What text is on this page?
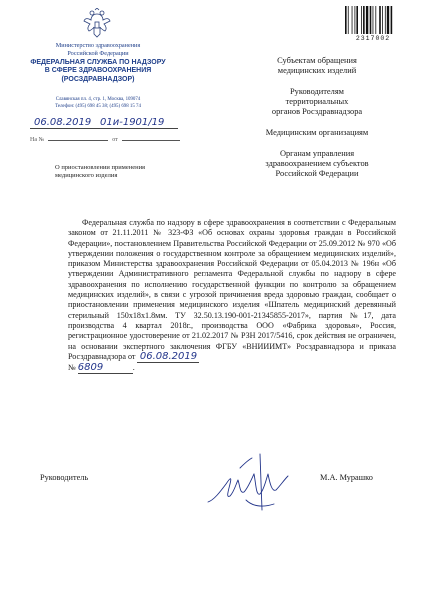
Министерство здравоохранения
Российской Федерации
ФЕДЕРАЛЬНАЯ СЛУЖБА ПО НАДЗОРУ
В СФЕРЕ ЗДРАВООХРАНЕНИЯ
(РОСЗДРАВНАДЗОР)
Славянская пл. 4, стр. 1, Москва, 109074
Телефон: (495) 698 45 38; (495) 698 15 74
06.08.2019 01и-1901/19
На №	от
О приостановлении применения
медицинского изделия
2317002
Субъектам обращения
медицинских изделий
Руководителям
территориальных
органов Росздравнадзора
Медицинским организациям
Органам управления
здравоохранением субъектов
Российской Федерации
Федеральная служба по надзору в сфере здравоохранения в соответствии с Федеральным законом от 21.11.2011 № 323-ФЗ «Об основах охраны здоровья граждан в Российской Федерации», постановлением Правительства Российской Федерации от 25.09.2012 № 970 «Об утверждении положения о государственном контроле за обращением медицинских изделий», приказом Министерства здравоохранения Российской Федерации от 05.04.2013 № 196н «Об утверждении Административного регламента Федеральной службы по надзору в сфере здравоохранения по исполнению государственной функции по контролю за обращением медицинских изделий», в связи с угрозой причинения вреда здоровью граждан, сообщает о приостановлении применения медицинского изделия «Шпатель медицинский деревянный стерильный 150х18х1.8мм. ТУ 32.50.13.190-001-21345855-2017», партия №17, дата производства 4 квартал 2018г., производства ООО «Фабрика здоровья», Россия, регистрационное удостоверение от 21.02.2017 № РЗН 2017/5416, срок действия не ограничен, на основании экспертного заключения ФГБУ «ВНИИИМТ» Росздравнадзора и приказа Росздравнадзора от 06.08.2019
№ 6809	.
Руководитель	М.А. Мурашко
